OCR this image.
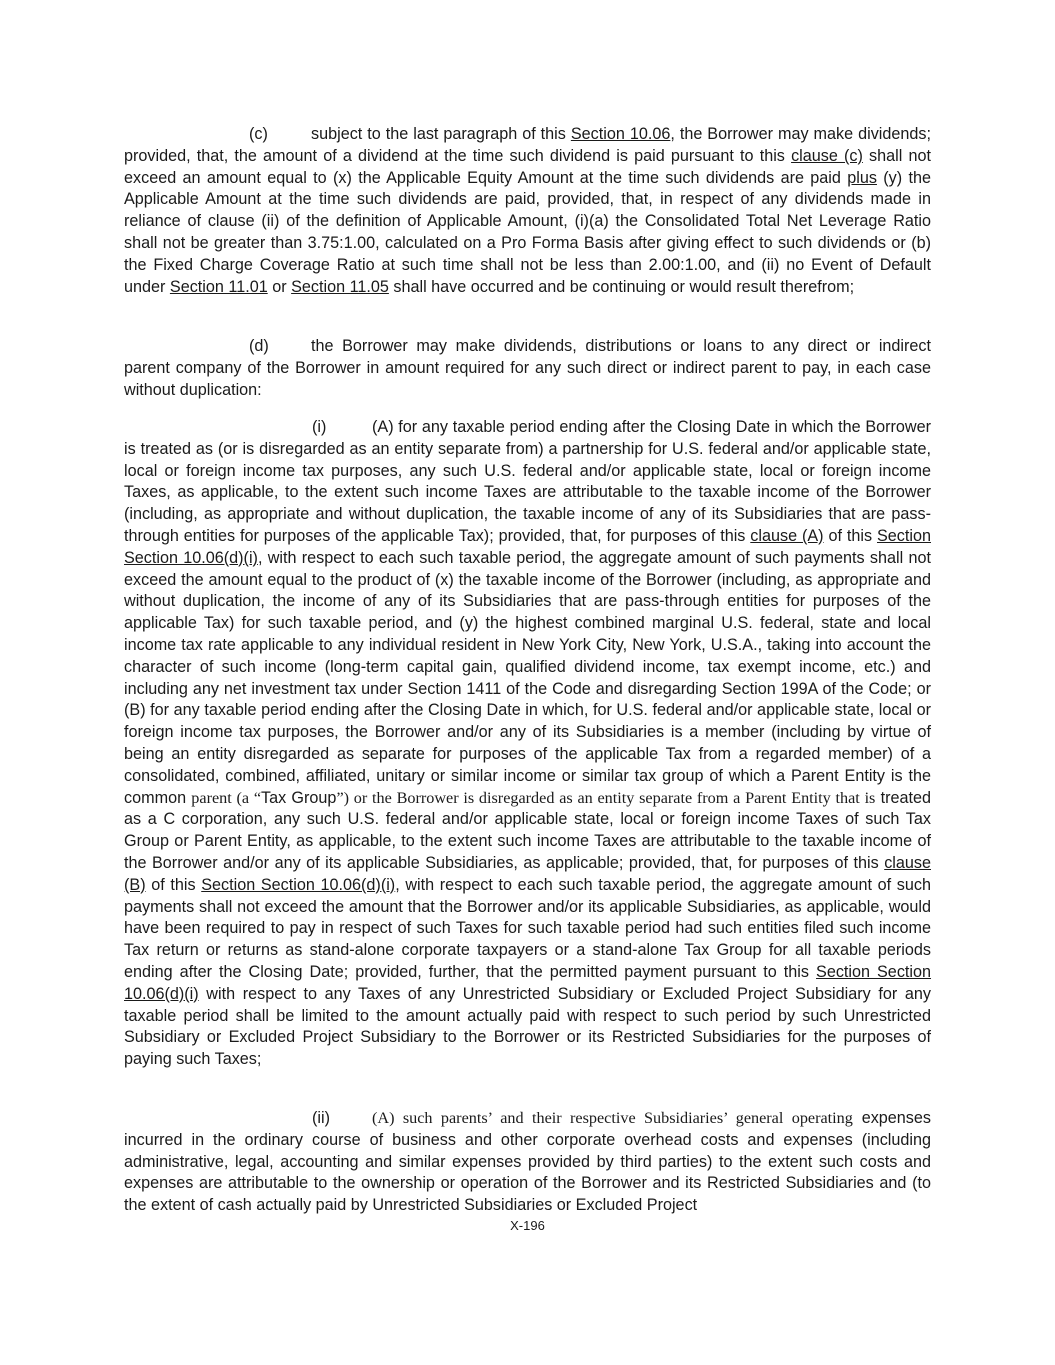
(c)	subject to the last paragraph of this Section 10.06, the Borrower may make dividends; provided, that, the amount of a dividend at the time such dividend is paid pursuant to this clause (c) shall not exceed an amount equal to (x) the Applicable Equity Amount at the time such dividends are paid plus (y) the Applicable Amount at the time such dividends are paid, provided, that, in respect of any dividends made in reliance of clause (ii) of the definition of Applicable Amount, (i)(a) the Consolidated Total Net Leverage Ratio shall not be greater than 3.75:1.00, calculated on a Pro Forma Basis after giving effect to such dividends or (b) the Fixed Charge Coverage Ratio at such time shall not be less than 2.00:1.00, and (ii) no Event of Default under Section 11.01 or Section 11.05 shall have occurred and be continuing or would result therefrom;

(d)	the Borrower may make dividends, distributions or loans to any direct or indirect parent company of the Borrower in amount required for any such direct or indirect parent to pay, in each case without duplication:

(i)	(A) for any taxable period ending after the Closing Date in which the Borrower is treated as (or is disregarded as an entity separate from) a partnership for U.S. federal and/or applicable state, local or foreign income tax purposes, any such U.S. federal and/or applicable state, local or foreign income Taxes, as applicable, to the extent such income Taxes are attributable to the taxable income of the Borrower (including, as appropriate and without duplication, the taxable income of any of its Subsidiaries that are pass-through entities for purposes of the applicable Tax); provided, that, for purposes of this clause (A) of this Section Section 10.06(d)(i), with respect to each such taxable period, the aggregate amount of such payments shall not exceed the amount equal to the product of (x) the taxable income of the Borrower (including, as appropriate and without duplication, the income of any of its Subsidiaries that are pass-through entities for purposes of the applicable Tax) for such taxable period, and (y) the highest combined marginal U.S. federal, state and local income tax rate applicable to any individual resident in New York City, New York, U.S.A., taking into account the character of such income (long-term capital gain, qualified dividend income, tax exempt income, etc.) and including any net investment tax under Section 1411 of the Code and disregarding Section 199A of the Code; or (B) for any taxable period ending after the Closing Date in which, for U.S. federal and/or applicable state, local or foreign income tax purposes, the Borrower and/or any of its Subsidiaries is a member (including by virtue of being an entity disregarded as separate for purposes of the applicable Tax from a regarded member) of a consolidated, combined, affiliated, unitary or similar income or similar tax group of which a Parent Entity is the common parent (a “Tax Group”) or the Borrower is disregarded as an entity separate from a Parent Entity that is treated as a C corporation, any such U.S. federal and/or applicable state, local or foreign income Taxes of such Tax Group or Parent Entity, as applicable, to the extent such income Taxes are attributable to the taxable income of the Borrower and/or any of its applicable Subsidiaries, as applicable; provided, that, for purposes of this clause (B) of this Section Section 10.06(d)(i), with respect to each such taxable period, the aggregate amount of such payments shall not exceed the amount that the Borrower and/or its applicable Subsidiaries, as applicable, would have been required to pay in respect of such Taxes for such taxable period had such entities filed such income Tax return or returns as stand-alone corporate taxpayers or a stand-alone Tax Group for all taxable periods ending after the Closing Date; provided, further, that the permitted payment pursuant to this Section Section 10.06(d)(i) with respect to any Taxes of any Unrestricted Subsidiary or Excluded Project Subsidiary for any taxable period shall be limited to the amount actually paid with respect to such period by such Unrestricted Subsidiary or Excluded Project Subsidiary to the Borrower or its Restricted Subsidiaries for the purposes of paying such Taxes;

(ii)	(A) such parents’ and their respective Subsidiaries’ general operating expenses incurred in the ordinary course of business and other corporate overhead costs and expenses (including administrative, legal, accounting and similar expenses provided by third parties) to the extent such costs and expenses are attributable to the ownership or operation of the Borrower and its Restricted Subsidiaries and (to the extent of cash actually paid by Unrestricted Subsidiaries or Excluded Project

X-196
